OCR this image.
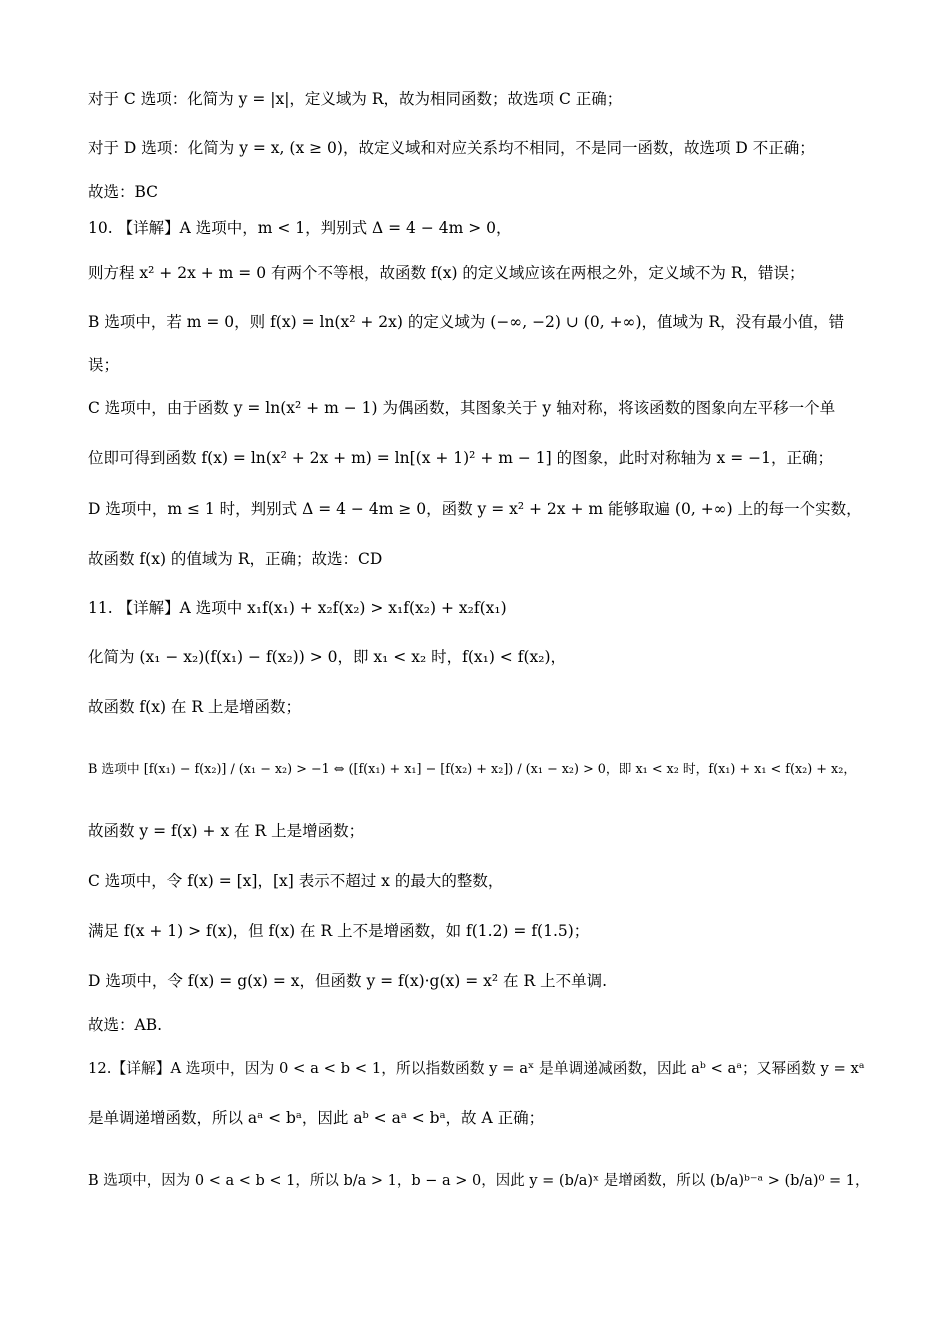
对于 C 选项：化简为 y = |x|，定义域为 R，故为相同函数；故选项 C 正确；
对于 D 选项：化简为 y = x, (x ≥ 0)，故定义域和对应关系均不相同，不是同一函数，故选项 D 不正确；
故选：BC
10. 【详解】A 选项中，m < 1，判别式 Δ = 4 − 4m > 0，
则方程 x² + 2x + m = 0 有两个不等根，故函数 f(x) 的定义域应该在两根之外，定义域不为 R，错误；
B 选项中，若 m = 0，则 f(x) = ln(x² + 2x) 的定义域为 (−∞, −2) ∪ (0, +∞)，值域为 R，没有最小值，错
误；
C 选项中，由于函数 y = ln(x² + m − 1) 为偶函数，其图象关于 y 轴对称，将该函数的图象向左平移一个单
位即可得到函数 f(x) = ln(x² + 2x + m) = ln[(x + 1)² + m − 1] 的图象，此时对称轴为 x = −1，正确；
D 选项中，m ≤ 1 时，判别式 Δ = 4 − 4m ≥ 0，函数 y = x² + 2x + m 能够取遍 (0, +∞) 上的每一个实数，
故函数 f(x) 的值域为 R，正确；故选：CD
11. 【详解】A 选项中 x₁f(x₁) + x₂f(x₂) > x₁f(x₂) + x₂f(x₁)
化简为 (x₁ − x₂)(f(x₁) − f(x₂)) > 0，即 x₁ < x₂ 时，f(x₁) < f(x₂)，
故函数 f(x) 在 R 上是增函数；
B 选项中 [f(x₁) − f(x₂)] / (x₁ − x₂) > −1 ⇔ ([f(x₁) + x₁] − [f(x₂) + x₂]) / (x₁ − x₂) > 0，即 x₁ < x₂ 时，f(x₁) + x₁ < f(x₂) + x₂，
故函数 y = f(x) + x 在 R 上是增函数；
C 选项中，令 f(x) = [x]，[x] 表示不超过 x 的最大的整数，
满足 f(x + 1) > f(x)，但 f(x) 在 R 上不是增函数，如 f(1.2) = f(1.5)；
D 选项中，令 f(x) = g(x) = x，但函数 y = f(x)·g(x) = x² 在 R 上不单调.
故选：AB.
12.【详解】A 选项中，因为 0 < a < b < 1，所以指数函数 y = aˣ 是单调递减函数，因此 aᵇ < aᵃ；又幂函数 y = xᵃ
是单调递增函数，所以 aᵃ < bᵃ，因此 aᵇ < aᵃ < bᵃ，故 A 正确；
B 选项中，因为 0 < a < b < 1，所以 b/a > 1，b − a > 0，因此 y = (b/a)ˣ 是增函数，所以 (b/a)ᵇ⁻ᵃ > (b/a)⁰ = 1，
